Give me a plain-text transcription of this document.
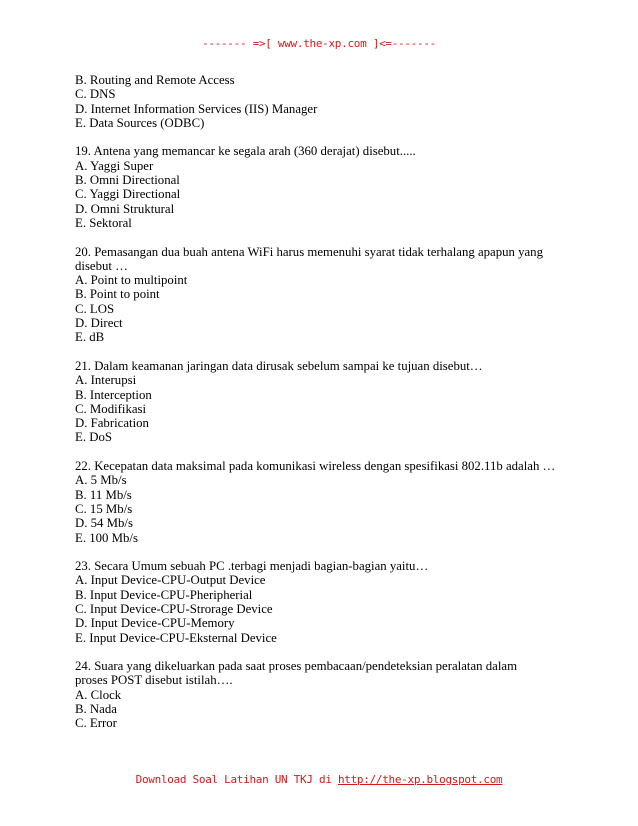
------- =>[ www.the-xp.com ]<=-------
B. Routing and Remote Access
C. DNS
D. Internet Information Services (IIS) Manager
E. Data Sources (ODBC)
19. Antena yang memancar ke segala arah (360 derajat) disebut.....
A. Yaggi Super
B. Omni Directional
C. Yaggi Directional
D. Omni Struktural
E. Sektoral
20. Pemasangan dua buah antena WiFi harus memenuhi syarat tidak terhalang apapun yang
disebut …
A. Point to multipoint
B. Point to point
C. LOS
D. Direct
E. dB
21. Dalam keamanan jaringan data dirusak sebelum sampai ke tujuan disebut…
A. Interupsi
B. Interception
C. Modifikasi
D. Fabrication
E. DoS
22. Kecepatan data maksimal pada komunikasi wireless dengan spesifikasi 802.11b adalah …
A. 5 Mb/s
B. 11 Mb/s
C. 15 Mb/s
D. 54 Mb/s
E. 100 Mb/s
23. Secara Umum sebuah PC .terbagi menjadi bagian-bagian yaitu…
A. Input Device-CPU-Output Device
B. Input Device-CPU-Pheripherial
C. Input Device-CPU-Strorage Device
D. Input Device-CPU-Memory
E. Input Device-CPU-Eksternal Device
24. Suara yang dikeluarkan pada saat proses pembacaan/pendeteksian peralatan dalam
proses POST disebut istilah….
A. Clock
B. Nada
C. Error
Download Soal Latihan UN TKJ di http://the-xp.blogspot.com
